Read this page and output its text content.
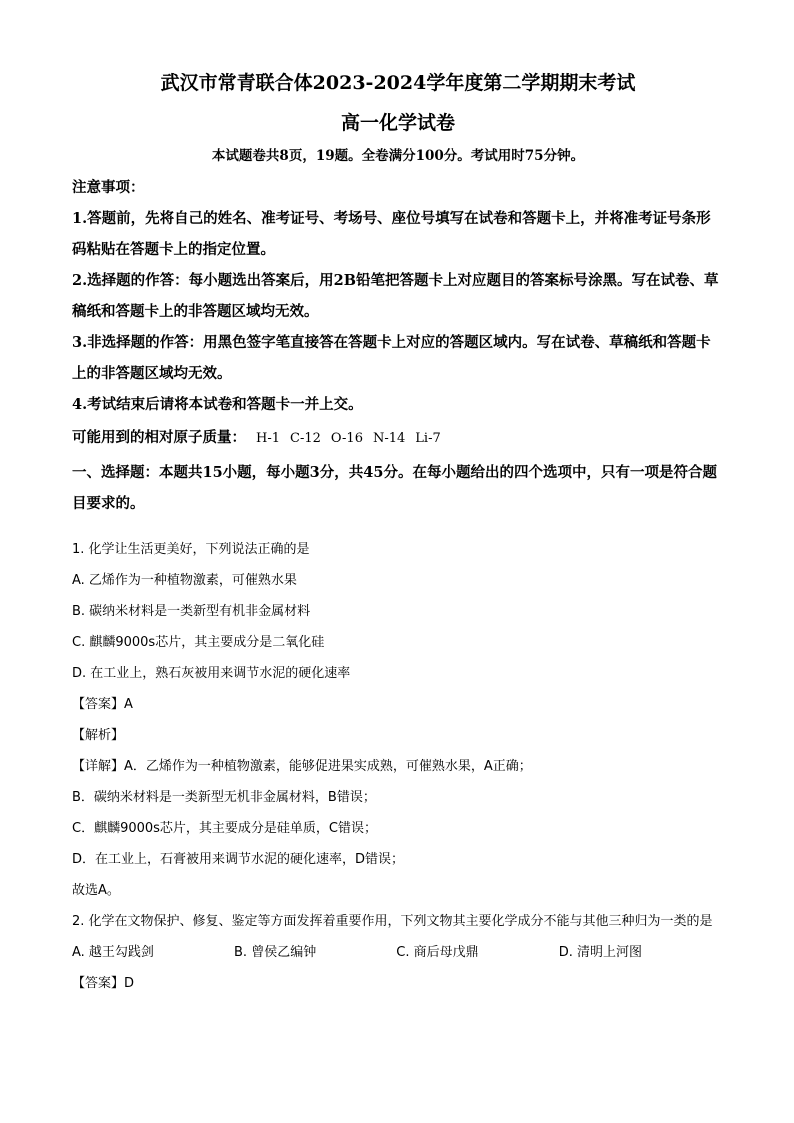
武汉市常青联合体2023-2024学年度第二学期期末考试
高一化学试卷
本试题卷共8页，19题。全卷满分100分。考试用时75分钟。
注意事项：

1.答题前，先将自己的姓名、准考证号、考场号、座位号填写在试卷和答题卡上，并将准考证号条形码粘贴在答题卡上的指定位置。

2.选择题的作答：每小题选出答案后，用2B铅笔把答题卡上对应题目的答案标号涂黑。写在试卷、草稿纸和答题卡上的非答题区域均无效。

3.非选择题的作答：用黑色签字笔直接答在答题卡上对应的答题区域内。写在试卷、草稿纸和答题卡上的非答题区域均无效。

4.考试结束后请将本试卷和答题卡一并上交。

可能用到的相对原子质量： H-1 C-12 O-16 N-14 Li-7

一、选择题：本题共15小题，每小题3分，共45分。在每小题给出的四个选项中，只有一项是符合题目要求的。

1. 化学让生活更美好，下列说法正确的是

A. 乙烯作为一种植物激素，可催熟水果

B. 碳纳米材料是一类新型有机非金属材料

C. 麒麟9000s芯片，其主要成分是二氧化硅

D. 在工业上，熟石灰被用来调节水泥的硬化速率

【答案】A

【解析】

【详解】A．乙烯作为一种植物激素，能够促进果实成熟，可催熟水果，A正确；

B．碳纳米材料是一类新型无机非金属材料，B错误；

C．麒麟9000s芯片，其主要成分是硅单质，C错误；

D．在工业上，石膏被用来调节水泥的硬化速率，D错误；

故选A。

2. 化学在文物保护、修复、鉴定等方面发挥着重要作用，下列文物其主要化学成分不能与其他三种归为一类的是

A. 越王勾践剑	B. 曾侯乙编钟	C. 商后母戊鼎	D. 清明上河图

【答案】D
